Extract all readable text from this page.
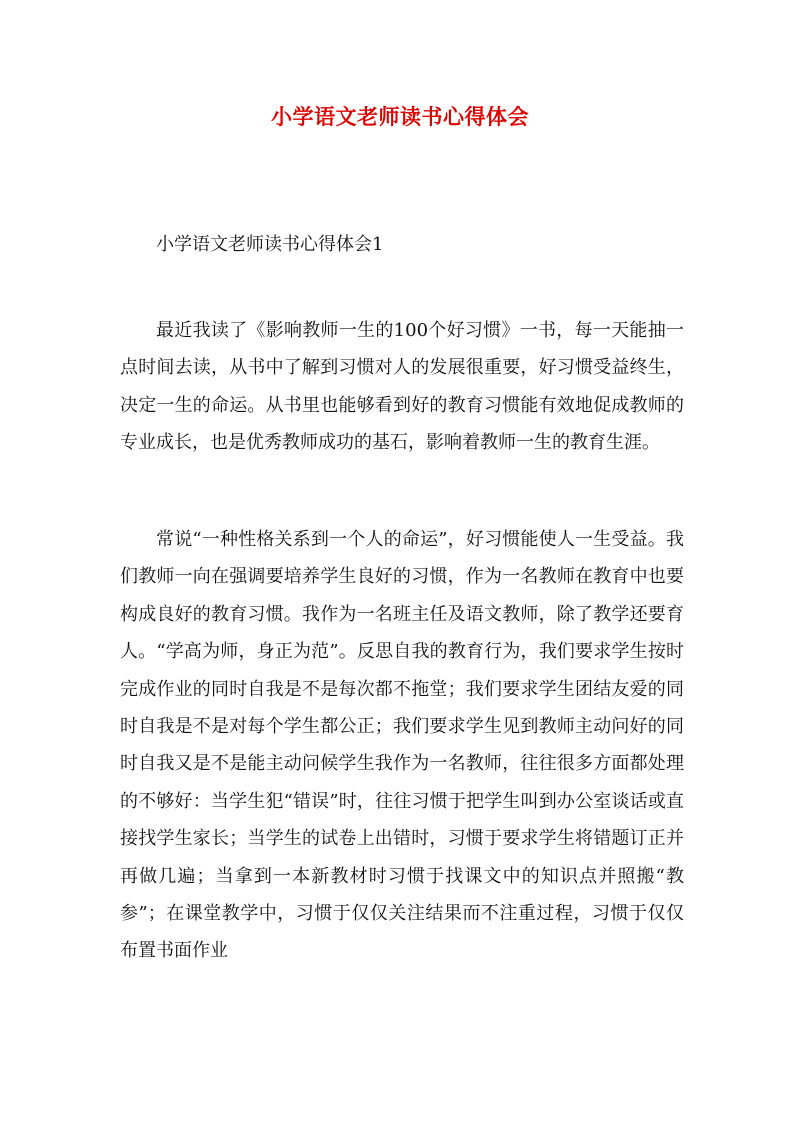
小学语文老师读书心得体会
小学语文老师读书心得体会1

最近我读了《影响教师一生的100个好习惯》一书，每一天能抽一点时间去读，从书中了解到习惯对人的发展很重要，好习惯受益终生，决定一生的命运。从书里也能够看到好的教育习惯能有效地促成教师的专业成长，也是优秀教师成功的基石，影响着教师一生的教育生涯。

常说“一种性格关系到一个人的命运”，好习惯能使人一生受益。我们教师一向在强调要培养学生良好的习惯，作为一名教师在教育中也要构成良好的教育习惯。我作为一名班主任及语文教师，除了教学还要育人。“学高为师，身正为范”。反思自我的教育行为，我们要求学生按时完成作业的同时自我是不是每次都不拖堂；我们要求学生团结友爱的同时自我是不是对每个学生都公正；我们要求学生见到教师主动问好的同时自我又是不是能主动问候学生我作为一名教师，往往很多方面都处理的不够好：当学生犯“错误”时，往往习惯于把学生叫到办公室谈话或直接找学生家长；当学生的试卷上出错时，习惯于要求学生将错题订正并再做几遍；当拿到一本新教材时习惯于找课文中的知识点并照搬“教参”；在课堂教学中，习惯于仅仅关注结果而不注重过程，习惯于仅仅布置书面作业
